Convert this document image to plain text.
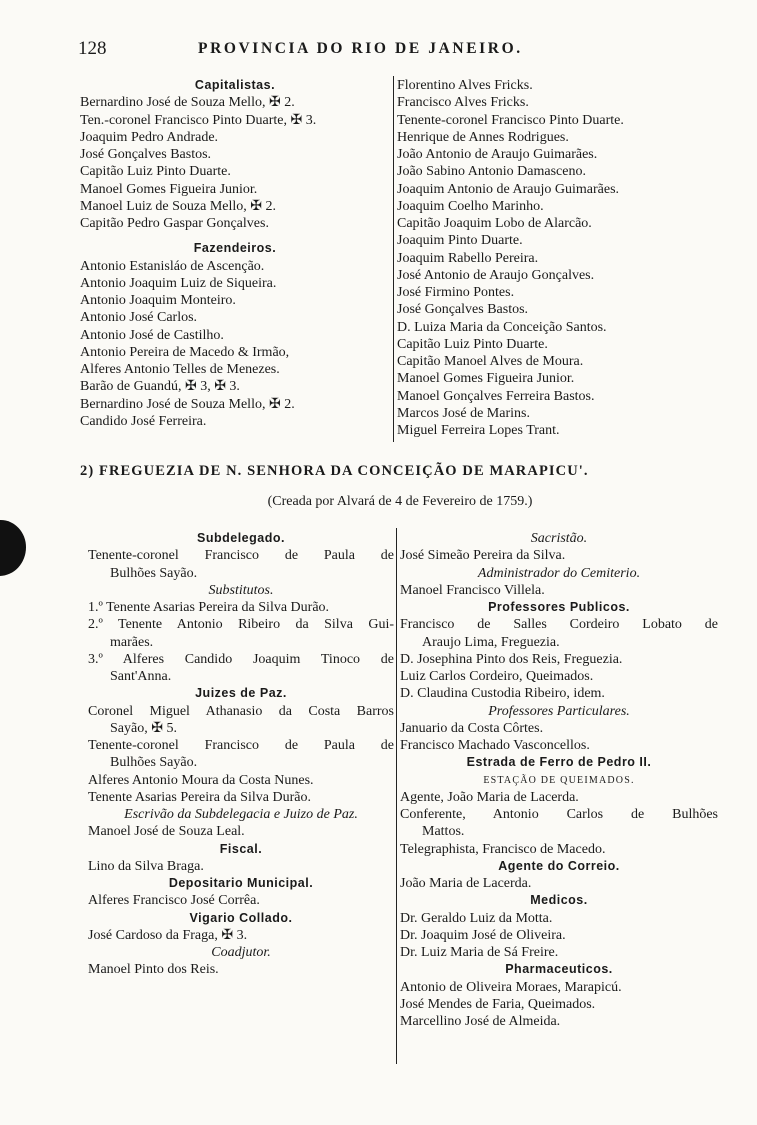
128	PROVINCIA DO RIO DE JANEIRO.
Capitalistas.
Bernardino José de Souza Mello, ✠ 2.
Ten.-coronel Francisco Pinto Duarte, ✠ 3.
Joaquim Pedro Andrade.
José Gonçalves Bastos.
Capitão Luiz Pinto Duarte.
Manoel Gomes Figueira Junior.
Manoel Luiz de Souza Mello, ✠ 2.
Capitão Pedro Gaspar Gonçalves.
Fazendeiros.
Antonio Estanisláo de Ascenção.
Antonio Joaquim Luiz de Siqueira.
Antonio Joaquim Monteiro.
Antonio José Carlos.
Antonio José de Castilho.
Antonio Pereira de Macedo & Irmão,
Alferes Antonio Telles de Menezes.
Barão de Guandú, ✠ 3, ✠ 3.
Bernardino José de Souza Mello, ✠ 2.
Candido José Ferreira.
Florentino Alves Fricks.
Francisco Alves Fricks.
Tenente-coronel Francisco Pinto Duarte.
Henrique de Annes Rodrigues.
João Antonio de Araujo Guimarães.
João Sabino Antonio Damasceno.
Joaquim Antonio de Araujo Guimarães.
Joaquim Coelho Marinho.
Capitão Joaquim Lobo de Alarcão.
Joaquim Pinto Duarte.
Joaquim Rabello Pereira.
José Antonio de Araujo Gonçalves.
José Firmino Pontes.
José Gonçalves Bastos.
D. Luiza Maria da Conceição Santos.
Capitão Luiz Pinto Duarte.
Capitão Manoel Alves de Moura.
Manoel Gomes Figueira Junior.
Manoel Gonçalves Ferreira Bastos.
Marcos José de Marins.
Miguel Ferreira Lopes Trant.
2) FREGUEZIA DE N. SENHORA DA CONCEIÇÃO DE MARAPICU'.
(Creada por Alvará de 4 de Fevereiro de 1759.)
Subdelegado.
Tenente-coronel Francisco de Paula de
Bulhões Sayão.
Substitutos.
1.º Tenente Asarias Pereira da Silva Durão.
2.º Tenente Antonio Ribeiro da Silva Gui-
marães.
3.º Alferes Candido Joaquim Tinoco de
Sant'Anna.
Juizes de Paz.
Coronel Miguel Athanasio da Costa Barros
Sayão, ✠ 5.
Tenente-coronel Francisco de Paula de
Bulhões Sayão.
Alferes Antonio Moura da Costa Nunes.
Tenente Asarias Pereira da Silva Durão.
Escrivão da Subdelegacia e Juizo de Paz.
Manoel José de Souza Leal.
Fiscal.
Lino da Silva Braga.
Depositario Municipal.
Alferes Francisco José Corrêa.
Vigario Collado.
José Cardoso da Fraga, ✠ 3.
Coadjutor.
Manoel Pinto dos Reis.
Sacristão.
José Simeão Pereira da Silva.
Administrador do Cemiterio.
Manoel Francisco Villela.
Professores Publicos.
Francisco de Salles Cordeiro Lobato de
Araujo Lima, Freguezia.
D. Josephina Pinto dos Reis, Freguezia.
Luiz Carlos Cordeiro, Queimados.
D. Claudina Custodia Ribeiro, idem.
Professores Particulares.
Januario da Costa Côrtes.
Francisco Machado Vasconcellos.
Estrada de Ferro de Pedro II.
ESTAÇÃO DE QUEIMADOS.
Agente, João Maria de Lacerda.
Conferente, Antonio Carlos de Bulhões
Mattos.
Telegraphista, Francisco de Macedo.
Agente do Correio.
João Maria de Lacerda.
Medicos.
Dr. Geraldo Luiz da Motta.
Dr. Joaquim José de Oliveira.
Dr. Luiz Maria de Sá Freire.
Pharmaceuticos.
Antonio de Oliveira Moraes, Marapicú.
José Mendes de Faria, Queimados.
Marcellino José de Almeida.
